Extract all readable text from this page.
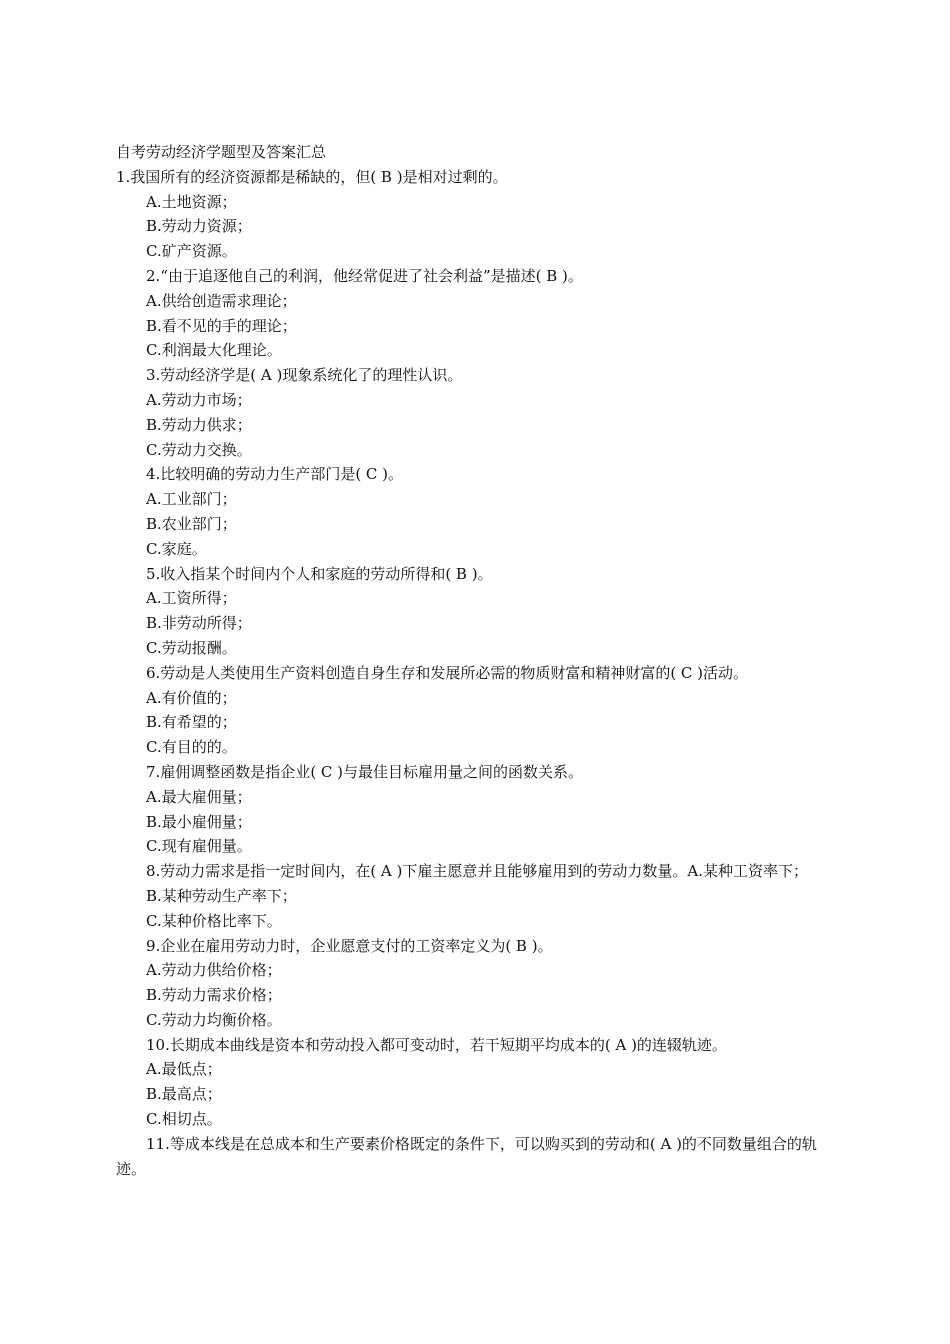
自考劳动经济学题型及答案汇总
1.我国所有的经济资源都是稀缺的，但( B )是相对过剩的。
A.土地资源；
B.劳动力资源；
C.矿产资源。
2.“由于追逐他自己的利润，他经常促进了社会利益”是描述( B )。
A.供给创造需求理论；
B.看不见的手的理论；
C.利润最大化理论。
3.劳动经济学是( A )现象系统化了的理性认识。
A.劳动力市场；
B.劳动力供求；
C.劳动力交换。
4.比较明确的劳动力生产部门是( C )。
A.工业部门；
B.农业部门；
C.家庭。
5.收入指某个时间内个人和家庭的劳动所得和( B )。
A.工资所得；
B.非劳动所得；
C.劳动报酬。
6.劳动是人类使用生产资料创造自身生存和发展所必需的物质财富和精神财富的( C )活动。
A.有价值的；
B.有希望的；
C.有目的的。
7.雇佣调整函数是指企业( C )与最佳目标雇用量之间的函数关系。
A.最大雇佣量；
B.最小雇佣量；
C.现有雇佣量。
8.劳动力需求是指一定时间内，在( A )下雇主愿意并且能够雇用到的劳动力数量。A.某种工资率下；
B.某种劳动生产率下；
C.某种价格比率下。
9.企业在雇用劳动力时，企业愿意支付的工资率定义为( B )。
A.劳动力供给价格；
B.劳动力需求价格；
C.劳动力均衡价格。
10.长期成本曲线是资本和劳动投入都可变动时，若干短期平均成本的( A )的连辍轨迹。
A.最低点；
B.最高点；
C.相切点。
11.等成本线是在总成本和生产要素价格既定的条件下，可以购买到的劳动和( A )的不同数量组合的轨迹。
